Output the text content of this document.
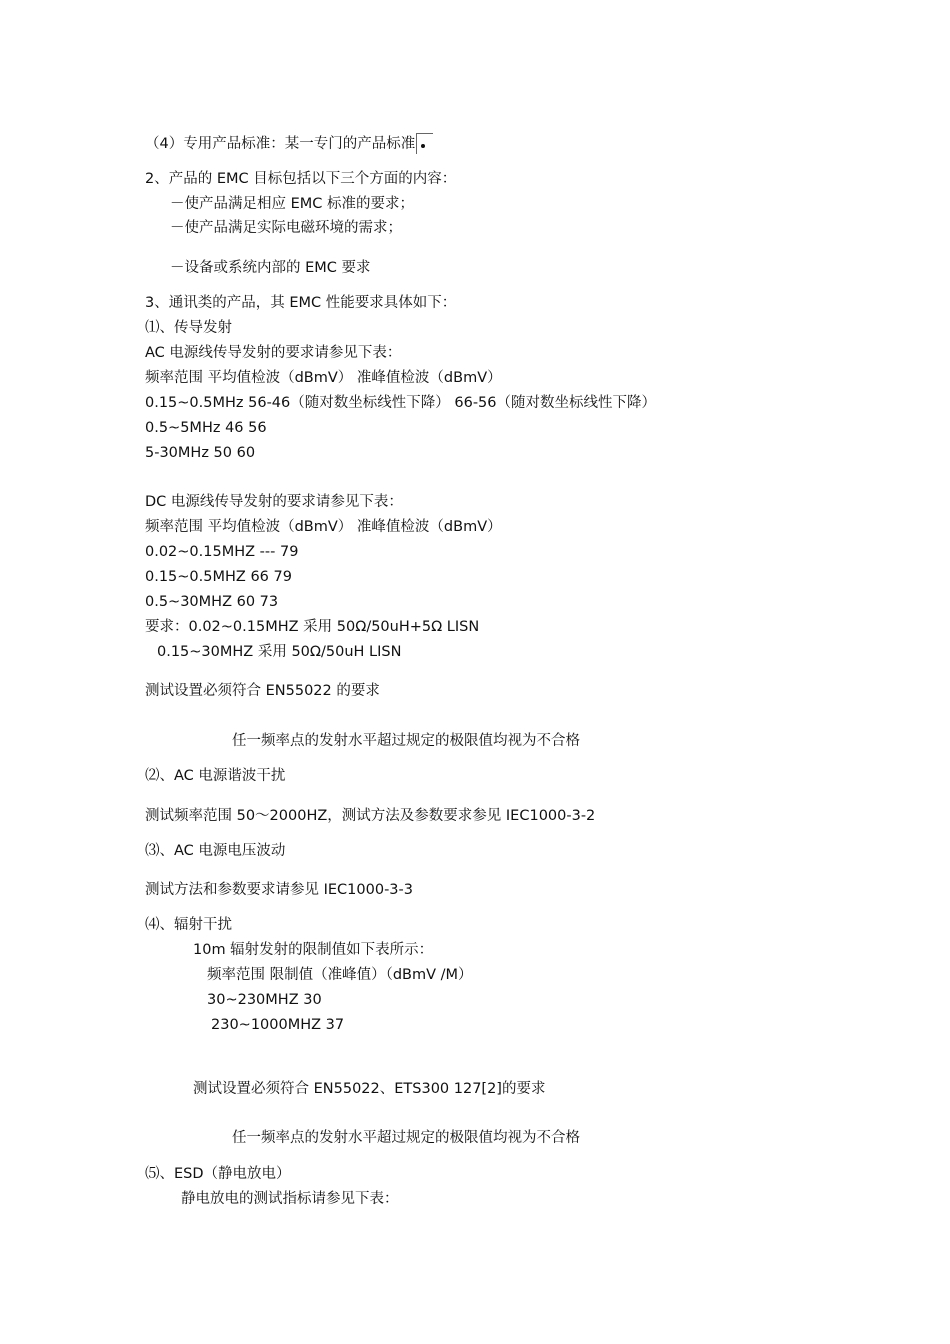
（4）专用产品标准：某一专门的产品标准
2、产品的 EMC 目标包括以下三个方面的内容：
－使产品满足相应 EMC 标准的要求；
－使产品满足实际电磁环境的需求；
－设备或系统内部的 EMC 要求
3、通讯类的产品，其 EMC 性能要求具体如下：
⑴、传导发射
AC 电源线传导发射的要求请参见下表：
频率范围 平均值检波（dBmV） 准峰值检波（dBmV）
0.15~0.5MHz 56-46（随对数坐标线性下降） 66-56（随对数坐标线性下降）
0.5~5MHz 46 56
5-30MHz 50 60
DC 电源线传导发射的要求请参见下表：
频率范围 平均值检波（dBmV） 准峰值检波（dBmV）
0.02~0.15MHZ --- 79
0.15~0.5MHZ 66 79
0.5~30MHZ 60 73
要求：0.02~0.15MHZ 采用 50Ω/50uH+5Ω LISN
0.15~30MHZ 采用 50Ω/50uH LISN
测试设置必须符合 EN55022 的要求
任一频率点的发射水平超过规定的极限值均视为不合格
⑵、AC 电源谐波干扰
测试频率范围 50～2000HZ，测试方法及参数要求参见 IEC1000-3-2
⑶、AC 电源电压波动
测试方法和参数要求请参见 IEC1000-3-3
⑷、辐射干扰
10m 辐射发射的限制值如下表所示：
频率范围 限制值（准峰值）（dBmV /M）
30~230MHZ 30
230~1000MHZ 37
测试设置必须符合 EN55022、ETS300 127[2]的要求
任一频率点的发射水平超过规定的极限值均视为不合格
⑸、ESD（静电放电）
静电放电的测试指标请参见下表：
